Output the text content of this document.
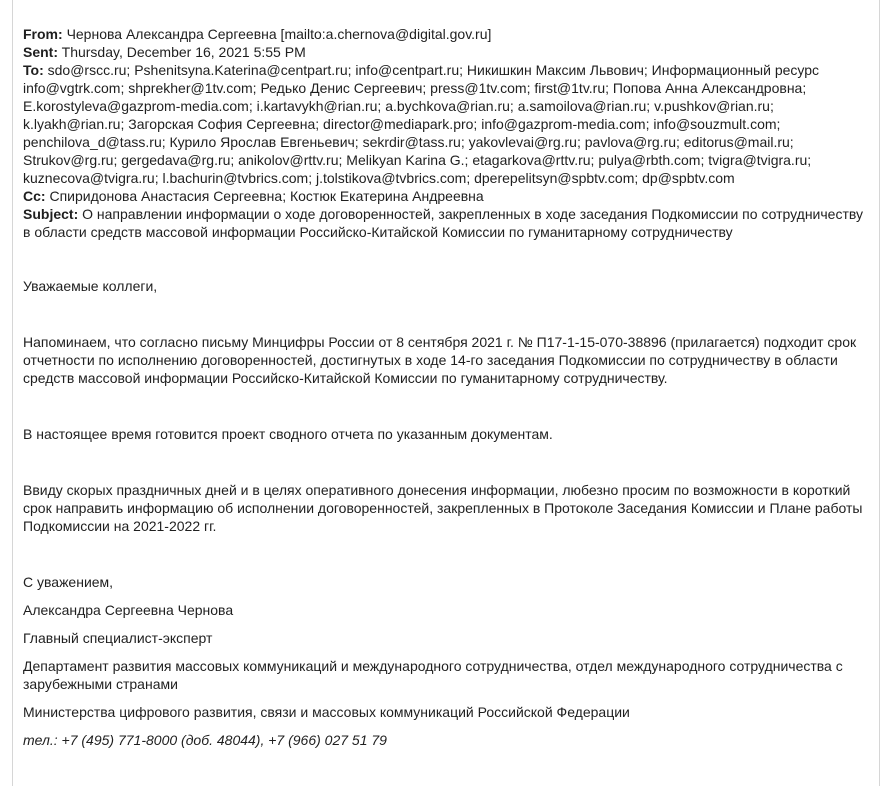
From: Чернова Александра Сергеевна [mailto:a.chernova@digital.gov.ru]
Sent: Thursday, December 16, 2021 5:55 PM
To: sdo@rscc.ru; Pshenitsyna.Katerina@centpart.ru; info@centpart.ru; Никишкин Максим Львович; Информационный ресурс info@vgtrk.com; shprekher@1tv.com; Редько Денис Сергеевич; press@1tv.com; first@1tv.ru; Попова Анна Александровна; E.korostyleva@gazprom-media.com; i.kartavykh@rian.ru; a.bychkova@rian.ru; a.samoilova@rian.ru; v.pushkov@rian.ru; k.lyakh@rian.ru; Загорская София Сергеевна; director@mediapark.pro; info@gazprom-media.com; info@souzmult.com; penchilova_d@tass.ru; Курило Ярослав Евгеньевич; sekrdir@tass.ru; yakovlevai@rg.ru; pavlova@rg.ru; editorus@mail.ru; Strukov@rg.ru; gergedava@rg.ru; anikolov@rttv.ru; Melikyan Karina G.; etagarkova@rttv.ru; pulya@rbth.com; tvigra@tvigra.ru; kuznecova@tvigra.ru; l.bachurin@tvbrics.com; j.tolstikova@tvbrics.com; dperepelitsyn@spbtv.com; dp@spbtv.com
Cc: Спиридонова Анастасия Сергеевна; Костюк Екатерина Андреевна
Subject: О направлении информации о ходе договоренностей, закрепленных в ходе заседания Подкомиссии по сотрудничеству в области средств массовой информации Российско-Китайской Комиссии по гуманитарному сотрудничеству

Уважаемые коллеги,

Напоминаем, что согласно письму Минцифры России от 8 сентября 2021 г. № П17-1-15-070-38896 (прилагается) подходит срок отчетности по исполнению договоренностей, достигнутых в ходе 14-го заседания Подкомиссии по сотрудничеству в области средств массовой информации Российско-Китайской Комиссии по гуманитарному сотрудничеству.

В настоящее время готовится проект сводного отчета по указанным документам.

Ввиду скорых праздничных дней и в целях оперативного донесения информации, любезно просим по возможности в короткий срок направить информацию об исполнении договоренностей, закрепленных в Протоколе Заседания Комиссии и Плане работы Подкомиссии на 2021-2022 гг.

С уважением,

Александра Сергеевна Чернова

Главный специалист-эксперт

Департамент развития массовых коммуникаций и международного сотрудничества, отдел международного сотрудничества с зарубежными странами

Министерства цифрового развития, связи и массовых коммуникаций Российской Федерации

тел.: +7 (495) 771-8000 (доб. 48044), +7 (966) 027 51 79
